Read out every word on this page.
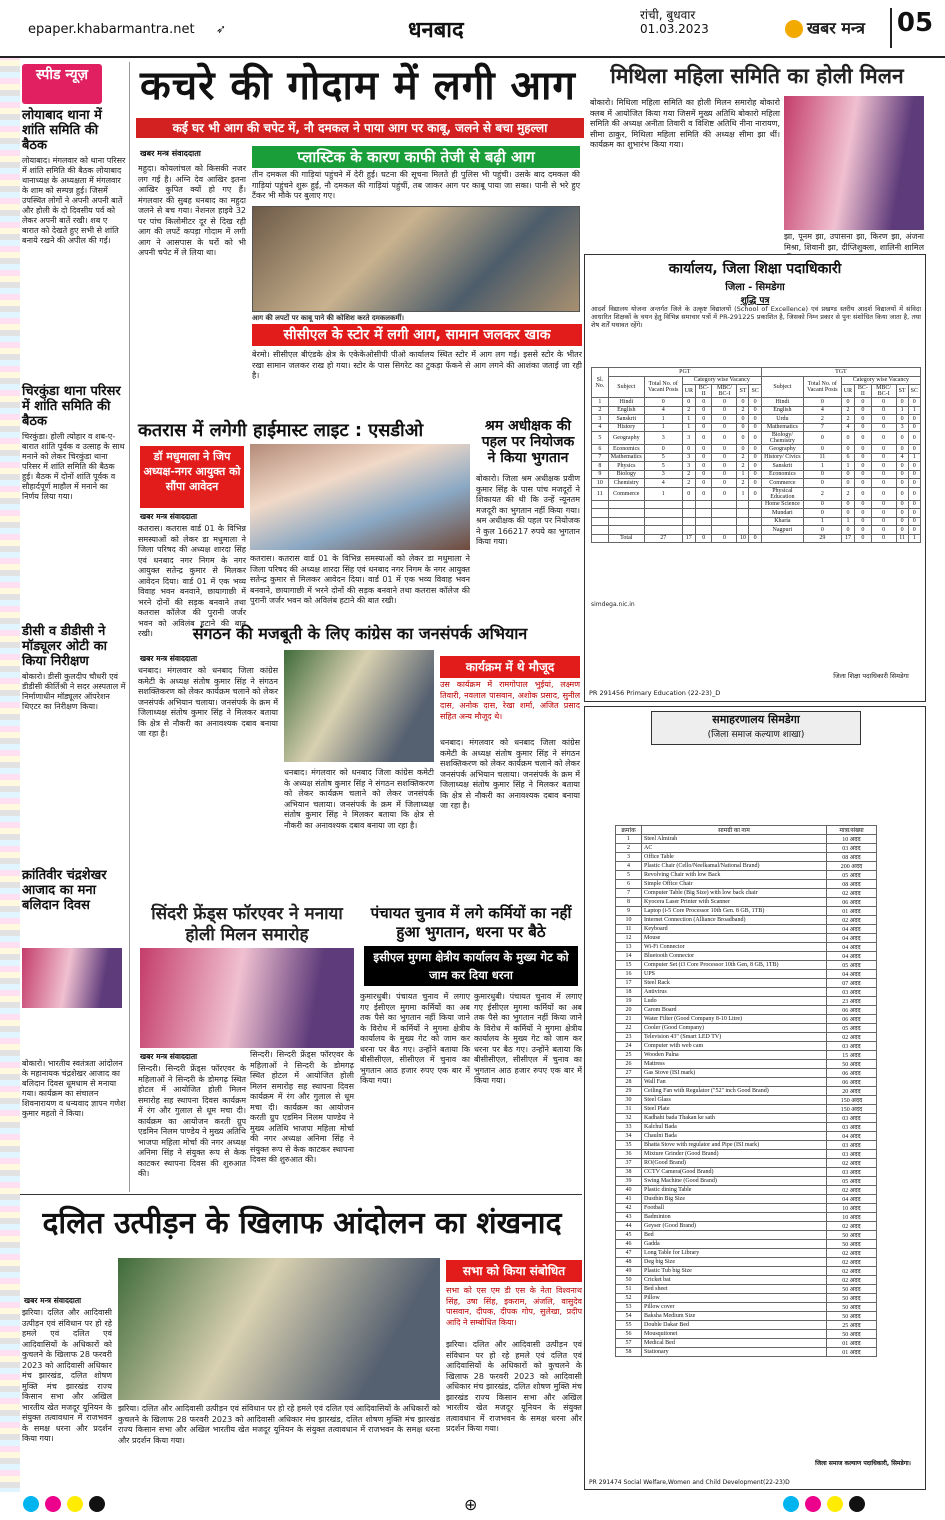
epaper.khabarmantra.net ➶	धनबाद
रांची, बुधवार
01.03.2023	खबर मन्त्र 05
स्पीड न्यूज़
लोयाबाद थाना में शांति समिति की बैठक
लोयाबाद। मंगलवार को थाना परिसर में शांति समिति की बैठक लोयाबाद थानाध्यक्ष के अध्यक्षता में मंगलवार के शाम को सम्पन्न हुई। जिसमें उपस्थित लोगों ने अपनी अपनी बातें और होली के दो दिवसीय पर्व को लेकर अपनी बातें रखी। शब ए बारात को देखते हुए सभी से शांति बनाये रखने की अपील की गई।
चिरकुंडा थाना परिसर में शांति समिति की बैठक
चिरकुंडा। होली त्योहार व शब-ए-बारात शांति पूर्वक व उत्साह के साथ मनाने को लेकर चिरकुंडा थाना परिसर में शांति समिति की बैठक हुई। बैठक में दोनों शांति पूर्वक व सौहार्दपूर्ण माहौल में मनाने का निर्णय लिया गया।
डीसी व डीडीसी ने मॉड्यूलर ओटी का किया निरीक्षण
बोकारो। डीसी कुलदीप चौधरी एवं डीडीसी कीर्तिश्री ने सदर अस्पताल में निर्माणाधीन मॉड्यूलर ऑपरेशन थिएटर का निरीक्षण किया।
क्रांतिवीर चंद्रशेखर आजाद का मना बलिदान दिवस
बोकारो। भारतीय स्वतंत्रता आंदोलन के महानायक चंद्रशेखर आजाद का बलिदान दिवस धूमधाम से मनाया गया। कार्यक्रम का संचालन शिवनारायण व धन्यवाद ज्ञापन गणेश कुमार महतो ने किया।
कचरे की गोदाम में लगी आग
कई घर भी आग की चपेट में, नौ दमकल ने पाया आग पर काबू, जलने से बचा मुहल्ला
खबर मन्त्र संवाददाता	प्लास्टिक के कारण काफी तेजी से बढ़ी आग
महुदा। कोयलांचल को किसकी नजर लग गई है। अग्नि देव आखिर इतना आखिर कुपित क्यों हो गए हैं। मंगलवार की सुबह धनबाद का महुदा जलने से बच गया। नेशनल हाइवे 32 पर पांच किलोमीटर दूर से दिख रही आग की लपटें कपड़ा गोदाम में लगी आग ने आसपास के घरों को भी अपनी चपेट में ले लिया था।
तीन दमकल की गाड़ियां पहुंचने में देरी हुई। घटना की सूचना मिलते ही पुलिस भी पहुंची। उसके बाद दमकल की गाड़ियां पहुंचने शुरू हुई, नौ दमकल की गाड़ियां पहुंचीं, तब जाकर आग पर काबू पाया जा सका। पानी से भरे हुए टैंकर भी मौके पर बुलाए गए।
आग की लपटों पर काबू पाने की कोशिश करते दमकलकर्मी।
सीसीएल के स्टोर में लगी आग, सामान जलकर खाक
बेरमो। सीसीएल बीएंडके क्षेत्र के एकेकेओसीपी पीओ कार्यालय स्थित स्टोर में आग लग गई। इससे स्टोर के भीतर रखा सामान जलकर राख हो गया। स्टोर के पास सिगरेट का टुकड़ा फेंकने से आग लगने की आशंका जताई जा रही है।
मिथिला महिला समिति का होली मिलन
बोकारो। मिथिला महिला समिति का होली मिलन समारोह बोकारो क्लब में आयोजित किया गया जिसमें मुख्य अतिथि बोकारो महिला समिति की अध्यक्ष अनीता तिवारी व विशिष्ट अतिथि नीना नारायण, सीमा ठाकुर, मिथिला महिला समिति की अध्यक्ष सीमा झा थीं। कार्यक्रम का शुभारंभ किया गया।
झा, पूनम झा, उपासना झा, किरण झा, अंजना मिश्रा, शिवानी झा, दीप्तिशुक्ला, शालिनी शामिल
कार्यालय, जिला शिक्षा पदाधिकारी
जिला - सिमडेगा
शुद्धि पत्र
आदर्श विद्यालय योजना अन्तर्गत जिले के उत्कृष्ट विद्यालयों (School of Excellence) एवं प्रखण्ड स्तरीय आदर्श विद्यालयों में संविदा आधारित शिक्षकों के चयन हेतु विभिन्न समाचार पत्रों में PR-291225 प्रकाशित है, जिसको निम्न प्रकार से पुनः संशोधित किया जाता है, तथा शेष शर्तें यथावत रहेंगे।
Sl. No.	PGT							TGT						
	Subject	Total No. of Vacant Posts	Category wise Vacancy					Subject	Total No. of Vacant Posts	Category wise Vacancy				
			UR	BC-II	MBC/ BC-I	ST	SC			UR	BC-II	MBC/ BC-I	ST	SC
1	Hindi	0	0	0	0	0	0	Hindi	0	0	0	0	0	0
2	English	4	2	0	0	2	0	English	4	2	0	0	1	1
3	Sanskrit	1	1	0	0	0	0	Urdu	2	2	0	0	0	0
4	History	1	1	0	0	0	0	Mathematics	7	4	0	0	3	0
5	Geography	3	3	0	0	0	0	Biology/ Chemistry	0	0	0	0	0	0
6	Economics	0	0	0	0	0	0	Geography	0	0	0	0	0	0
7	Mathematics	5	3	0	0	2	0	History/ Civics	11	6	0	0	4	1
8	Physics	5	3	0	0	2	0	Sanskrit	1	1	0	0	0	0
9	Biology	3	2	0	0	1	0	Economics	0	0	0	0	0	0
10	Chemistry	4	2	0	0	2	0	Commerce	0	0	0	0	0	0
11	Commerce	1	0	0	0	1	0	Physical Education	2	2	0	0	0	0
								Home Science	0	0	0	0	0	0
								Mundari	0	0	0	0	0	0
								Kharia	1	1	0	0	0	0
								Nagpuri	0	0	0	0	0	0
	Total	27	17	0	0	10	0		29	17	0	0	11	1
simdega.nic.in
जिला शिक्षा पदाधिकारी सिमडेगा
PR 291456 Primary Education (22-23)_D
कतरास में लगेगी हाईमास्ट लाइट : एसडीओ
डॉ मधुमाला ने जिप अध्यक्ष-नगर आयुक्त को सौंपा आवेदन
खबर मन्त्र संवाददाता
कतरास। कतरास वार्ड 01 के विभिन्न समस्याओं को लेकर डा मधुमाला ने जिला परिषद की अध्यक्ष शारदा सिंह एवं धनबाद नगर निगम के नगर आयुक्त सतेन्द्र कुमार से मिलकर आवेदन दिया। वार्ड 01 में एक भव्य विवाह भवन बनवाने, छायागाछी में भरने दोनों की सड़क बनवाने तथा कतरास कॉलेज की पुरानी जर्जर भवन को अविलंब हटाने की बात रखी।
कतरास। कतरास वार्ड 01 के विभिन्न समस्याओं को लेकर डा मधुमाला ने जिला परिषद की अध्यक्ष शारदा सिंह एवं धनबाद नगर निगम के नगर आयुक्त सतेन्द्र कुमार से मिलकर आवेदन दिया। वार्ड 01 में एक भव्य विवाह भवन बनवाने, छायागाछी में भरने दोनों की सड़क बनवाने तथा कतरास कॉलेज की पुरानी जर्जर भवन को अविलंब हटाने की बात रखी।
श्रम अधीक्षक की पहल पर नियोजक ने किया भुगतान
बोकारो। जिला श्रम अधीक्षक प्रवीण कुमार सिंह के पास पांच मजदूरों ने शिकायत की थी कि उन्हें न्यूनतम मजदूरी का भुगतान नहीं किया गया। श्रम अधीक्षक की पहल पर नियोजक ने कुल 166217 रुपये का भुगतान किया गया।
संगठन की मजबूती के लिए कांग्रेस का जनसंपर्क अभियान
खबर मन्त्र संवाददाता
धनबाद। मंगलवार को धनबाद जिला कांग्रेस कमेटी के अध्यक्ष संतोष कुमार सिंह ने संगठन सशक्तिकरण को लेकर कार्यक्रम चलाने को लेकर जनसंपर्क अभियान चलाया। जनसंपर्क के क्रम में जिलाध्यक्ष संतोष कुमार सिंह ने मिलकर बताया कि क्षेत्र से नौकरी का अनावश्यक दबाव बनाया जा रहा है।
धनबाद। मंगलवार को धनबाद जिला कांग्रेस कमेटी के अध्यक्ष संतोष कुमार सिंह ने संगठन सशक्तिकरण को लेकर कार्यक्रम चलाने को लेकर जनसंपर्क अभियान चलाया। जनसंपर्क के क्रम में जिलाध्यक्ष संतोष कुमार सिंह ने मिलकर बताया कि क्षेत्र से नौकरी का अनावश्यक दबाव बनाया जा रहा है।
कार्यक्रम में थे मौजूद
उस कार्यक्रम में रामगोपाल भुईयां, लक्ष्मण तिवारी, नवलाल पासवान, अशोक प्रसाद, सुनील दास, अनोक दास, रेखा शर्मा, अजित प्रसाद सहित अन्य मौजूद थे।
धनबाद। मंगलवार को धनबाद जिला कांग्रेस कमेटी के अध्यक्ष संतोष कुमार सिंह ने संगठन सशक्तिकरण को लेकर कार्यक्रम चलाने को लेकर जनसंपर्क अभियान चलाया। जनसंपर्क के क्रम में जिलाध्यक्ष संतोष कुमार सिंह ने मिलकर बताया कि क्षेत्र से नौकरी का अनावश्यक दबाव बनाया जा रहा है।
सिंदरी फ्रेंड्स फॉरएवर ने मनाया होली मिलन समारोह
खबर मन्त्र संवाददाता
सिन्दरी। सिन्दरी फ्रेंड्स फॉरएवर के महिलाओं ने सिन्दरी के डोमगढ़ स्थित होटल में आयोजित होली मिलन समारोह सह स्थापना दिवस कार्यक्रम में रंग और गुलाल से धूम मचा दी। कार्यक्रम का आयोजन करती ग्रुप एडमिन निलम पाण्डेय ने मुख्य अतिथि भाजपा महिला मोर्चा की नगर अध्यक्ष अनिमा सिंह ने संयुक्त रूप से केक काटकर स्थापना दिवस की शुरुआत की।
सिन्दरी। सिन्दरी फ्रेंड्स फॉरएवर के महिलाओं ने सिन्दरी के डोमगढ़ स्थित होटल में आयोजित होली मिलन समारोह सह स्थापना दिवस कार्यक्रम में रंग और गुलाल से धूम मचा दी। कार्यक्रम का आयोजन करती ग्रुप एडमिन निलम पाण्डेय ने मुख्य अतिथि भाजपा महिला मोर्चा की नगर अध्यक्ष अनिमा सिंह ने संयुक्त रूप से केक काटकर स्थापना दिवस की शुरुआत की।
पंचायत चुनाव में लगे कर्मियों का नहीं हुआ भुगतान, धरना पर बैठे
इसीएल मुगमा क्षेत्रीय कार्यालय के मुख्य गेट को जाम कर दिया धरना
कुमारधुबी। पंचायत चुनाव में लगाए गए ईसीएल मुगमा कर्मियों का अब तक पैसे का भुगतान नहीं किया जाने के विरोध में कर्मियों ने मुगमा क्षेत्रीय कार्यालय के मुख्य गेट को जाम कर धरना पर बैठ गए। उन्होंने बताया कि बीसीसीएल, सीसीएल में चुनाव का भुगतान आठ हजार रुपए एक बार में किया गया।
कुमारधुबी। पंचायत चुनाव में लगाए गए ईसीएल मुगमा कर्मियों का अब तक पैसे का भुगतान नहीं किया जाने के विरोध में कर्मियों ने मुगमा क्षेत्रीय कार्यालय के मुख्य गेट को जाम कर धरना पर बैठ गए। उन्होंने बताया कि बीसीसीएल, सीसीएल में चुनाव का भुगतान आठ हजार रुपए एक बार में किया गया।
दलित उत्पीड़न के खिलाफ आंदोलन का शंखनाद
खबर मन्त्र संवाददाता
झरिया। दलित और आदिवासी उत्पीड़न एवं संविधान पर हो रहे हमले एवं दलित एवं आदिवासियों के अधिकारों को कुचलने के खिलाफ 28 फरवरी 2023 को आदिवासी अधिकार मंच झारखंड, दलित शोषण मुक्ति मंच झारखंड राज्य किसान सभा और अखिल भारतीय खेत मजदूर यूनियन के संयुक्त तत्वावधान में राजभवन के समक्ष धरना और प्रदर्शन किया गया।
झरिया। दलित और आदिवासी उत्पीड़न एवं संविधान पर हो रहे हमले एवं दलित एवं आदिवासियों के अधिकारों को कुचलने के खिलाफ 28 फरवरी 2023 को आदिवासी अधिकार मंच झारखंड, दलित शोषण मुक्ति मंच झारखंड राज्य किसान सभा और अखिल भारतीय खेत मजदूर यूनियन के संयुक्त तत्वावधान में राजभवन के समक्ष धरना और प्रदर्शन किया गया।
सभा को किया संबोधित
सभा को एस एम डी एस के नेता विश्वनाथ सिंह, उषा सिंह, इकराम, अंजलि, वासुदेव पासवान, दीपक, दीपक गोप, सुलेखा, प्रदीप आदि ने सम्बोधित किया।
झरिया। दलित और आदिवासी उत्पीड़न एवं संविधान पर हो रहे हमले एवं दलित एवं आदिवासियों के अधिकारों को कुचलने के खिलाफ 28 फरवरी 2023 को आदिवासी अधिकार मंच झारखंड, दलित शोषण मुक्ति मंच झारखंड राज्य किसान सभा और अखिल भारतीय खेत मजदूर यूनियन के संयुक्त तत्वावधान में राजभवन के समक्ष धरना और प्रदर्शन किया गया।
समाहरणालय सिमडेगा
(जिला समाज कल्याण शाखा)
क्रमांक	सामग्री का नाम	मात्रा/संख्या
1	Steel Almirah	10 अदद
2	AC	03 अदद
3	Office Table	08 अदद
4	Plastic Chair (Cello/Neelkamal/National Brand)	200 अदद
5	Revolving Chair with low Back	05 अदद
6	Simple Office Chair	08 अदद
7	Computer Table (Big Size) with low back chair	02 अदद
8	Kyocera Laser Printer with Scanner	06 अदद
9	Laptop (i-5 Core Processor 10th Gen. 8 GB, 1TB)	01 अदद
10	Internet Connection (Alliance Broadband)	02 अदद
11	Keyboard	04 अदद
12	Mouse	04 अदद
13	Wi-Fi Connector	04 अदद
14	Bluetooth Connector	04 अदद
15	Computer Set (i3 Core Processor 10th Gen, 8 GB, 1TB)	05 अदद
16	UPS	04 अदद
17	Steel Rack	07 अदद
18	Antivirus	03 अदद
19	Ludo	23 अदद
20	Carom Board	06 अदद
21	Water Filter (Good Company 8-10 Litre)	06 अदद
22	Cooler (Good Company)	05 अदद
23	Television 43" (Smart LED TV)	02 अदद
24	Computer with web cam	03 अदद
25	Wooden Palna	15 अदद
26	Mattress	50 अदद
27	Gas Stove (ISI mark)	06 अदद
28	Wall Fan	06 अदद
29	Ceiling Fan with Regulator ("52" inch Good Brand)	20 अदद
30	Steel Glass	150 अदद
31	Steel Plate	150 अदद
32	Kadhahi bada Thakan ke sath	03 अदद
33	Kalchul Bada	03 अदद
34	Chaulni Bada	04 अदद
35	Bhatta Stove with regulator and Pipe (ISI mark)	03 अदद
36	Mixture Grinder (Good Brand)	03 अदद
37	RO(Good Brand)	02 अदद
38	CCTV Camera(Good Brand)	03 अदद
39	Swing Machine (Good Brand)	05 अदद
40	Plastic dining Table	02 अदद
41	Dustbin Big Size	04 अदद
42	Football	10 अदद
43	Badminton	10 अदद
44	Geyser (Good Brand)	02 अदद
45	Bed	50 अदद
46	Gadda	50 अदद
47	Long Table for Library	02 अदद
48	Deg big Size	02 अदद
49	Plastic Tub big Size	02 अदद
50	Cricket bat	02 अदद
51	Bed sheet	50 अदद
52	Pillow	50 अदद
53	Pillow cover	50 अदद
54	Baksha Medium Size	50 अदद
55	Double Dakar Bed	25 अदद
56	Mousquitonet	50 अदद
57	Medical Bed	01 अदद
58	Stationary	01 अदद
जिला समाज कल्याण पदाधिकारी, सिमडेगा।
PR 291474 Social Welfare,Women and Child Development(22-23)D
⊕
